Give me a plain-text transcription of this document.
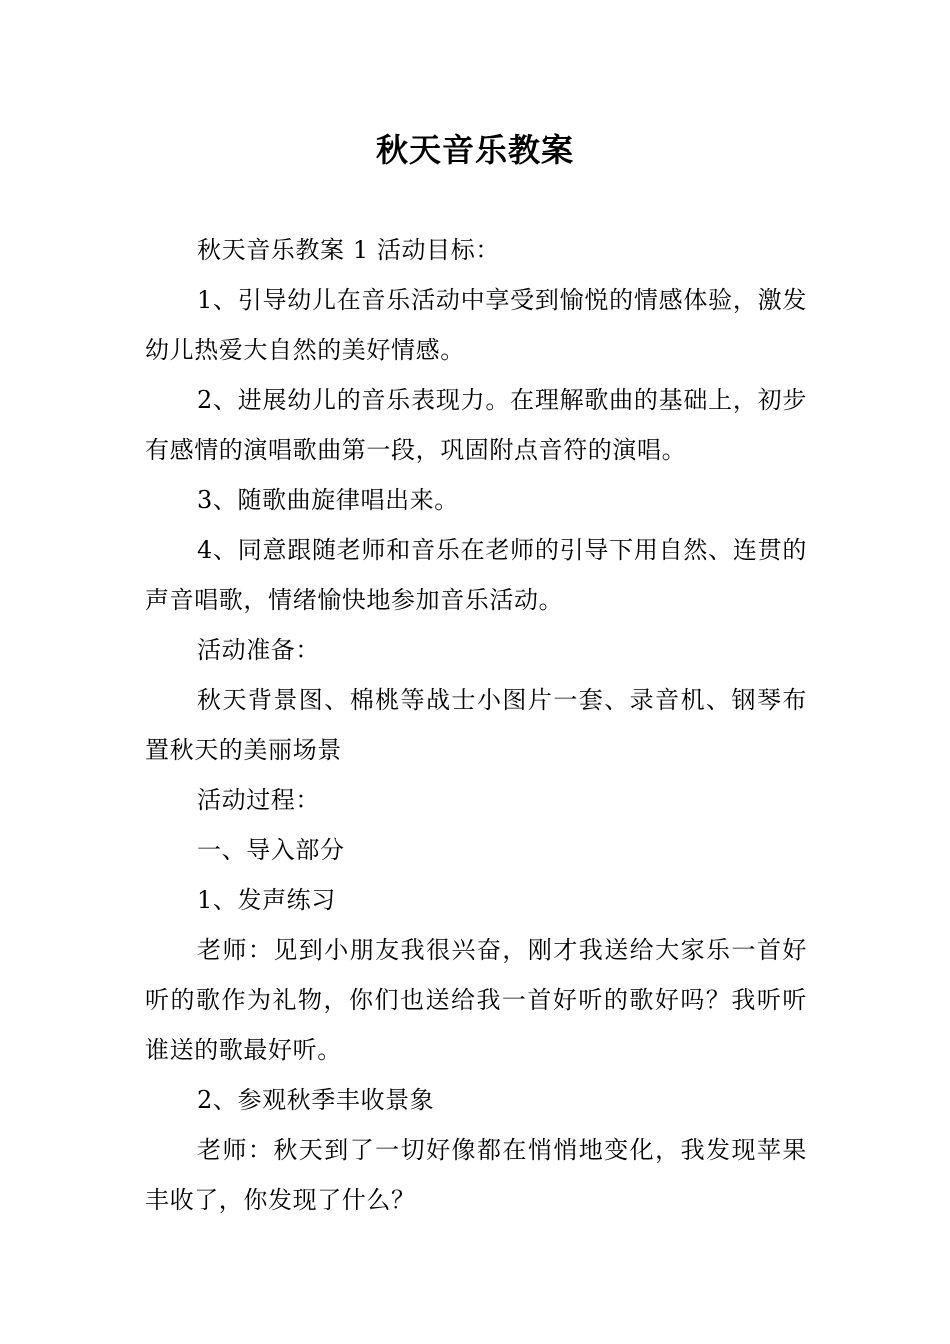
秋天音乐教案

秋天音乐教案 1 活动目标：

1、引导幼儿在音乐活动中享受到愉悦的情感体验，激发幼儿热爱大自然的美好情感。

2、进展幼儿的音乐表现力。在理解歌曲的基础上，初步有感情的演唱歌曲第一段，巩固附点音符的演唱。

3、随歌曲旋律唱出来。

4、同意跟随老师和音乐在老师的引导下用自然、连贯的声音唱歌，情绪愉快地参加音乐活动。

活动准备：

秋天背景图、棉桃等战士小图片一套、录音机、钢琴布置秋天的美丽场景

活动过程：

一、导入部分

1、发声练习

老师：见到小朋友我很兴奋，刚才我送给大家乐一首好听的歌作为礼物，你们也送给我一首好听的歌好吗？我听听谁送的歌最好听。

2、参观秋季丰收景象

老师：秋天到了一切好像都在悄悄地变化，我发现苹果丰收了，你发现了什么？
